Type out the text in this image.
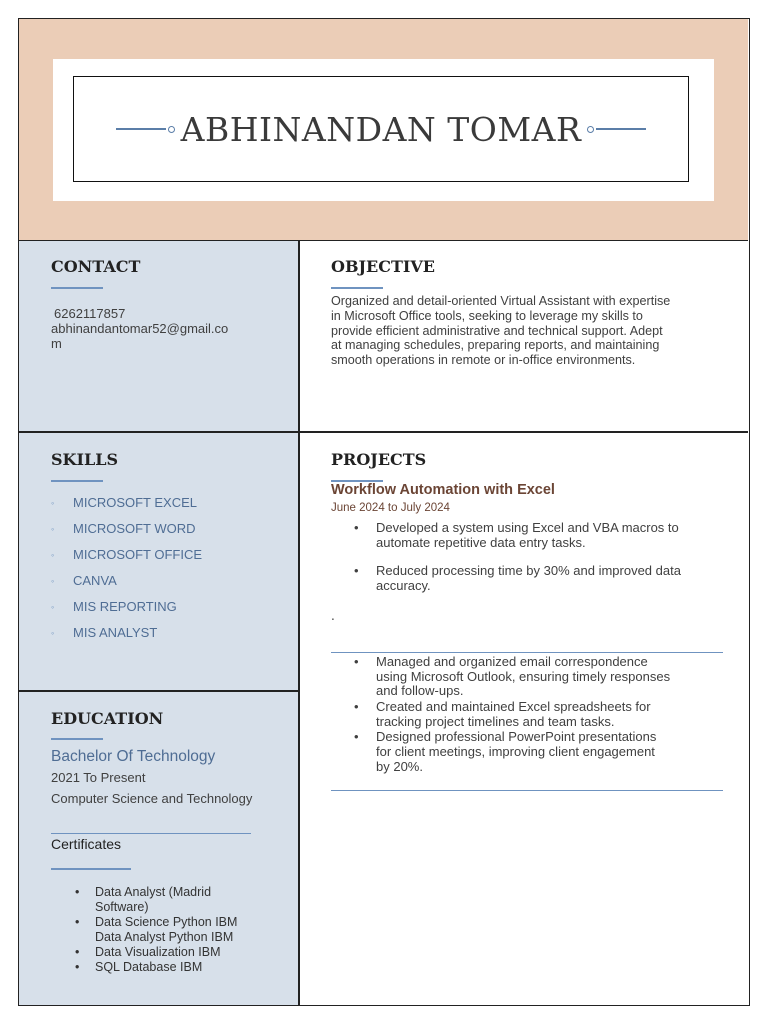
ABHINANDAN TOMAR
CONTACT
6262117857
abhinandantomar52@gmail.co
m
OBJECTIVE
Organized and detail-oriented Virtual Assistant with expertise
in Microsoft Office tools, seeking to leverage my skills to
provide efficient administrative and technical support. Adept
at managing schedules, preparing reports, and maintaining
smooth operations in remote or in-office environments.
SKILLS
◦ MICROSOFT EXCEL
◦ MICROSOFT WORD
◦ MICROSOFT OFFICE
◦ CANVA
◦ MIS REPORTING
◦ MIS ANALYST
PROJECTS
Workflow Automation with Excel
June 2024 to July 2024
• Developed a system using Excel and VBA macros to
automate repetitive data entry tasks.
• Reduced processing time by 30% and improved data
accuracy.
.
• Managed and organized email correspondence
using Microsoft Outlook, ensuring timely responses
and follow-ups.
• Created and maintained Excel spreadsheets for
tracking project timelines and team tasks.
• Designed professional PowerPoint presentations
for client meetings, improving client engagement
by 20%.
EDUCATION
Bachelor Of Technology
2021 To Present
Computer Science and Technology
Certificates
• Data Analyst (Madrid
Software)
• Data Science Python IBM
Data Analyst Python IBM
• Data Visualization IBM
• SQL Database IBM
